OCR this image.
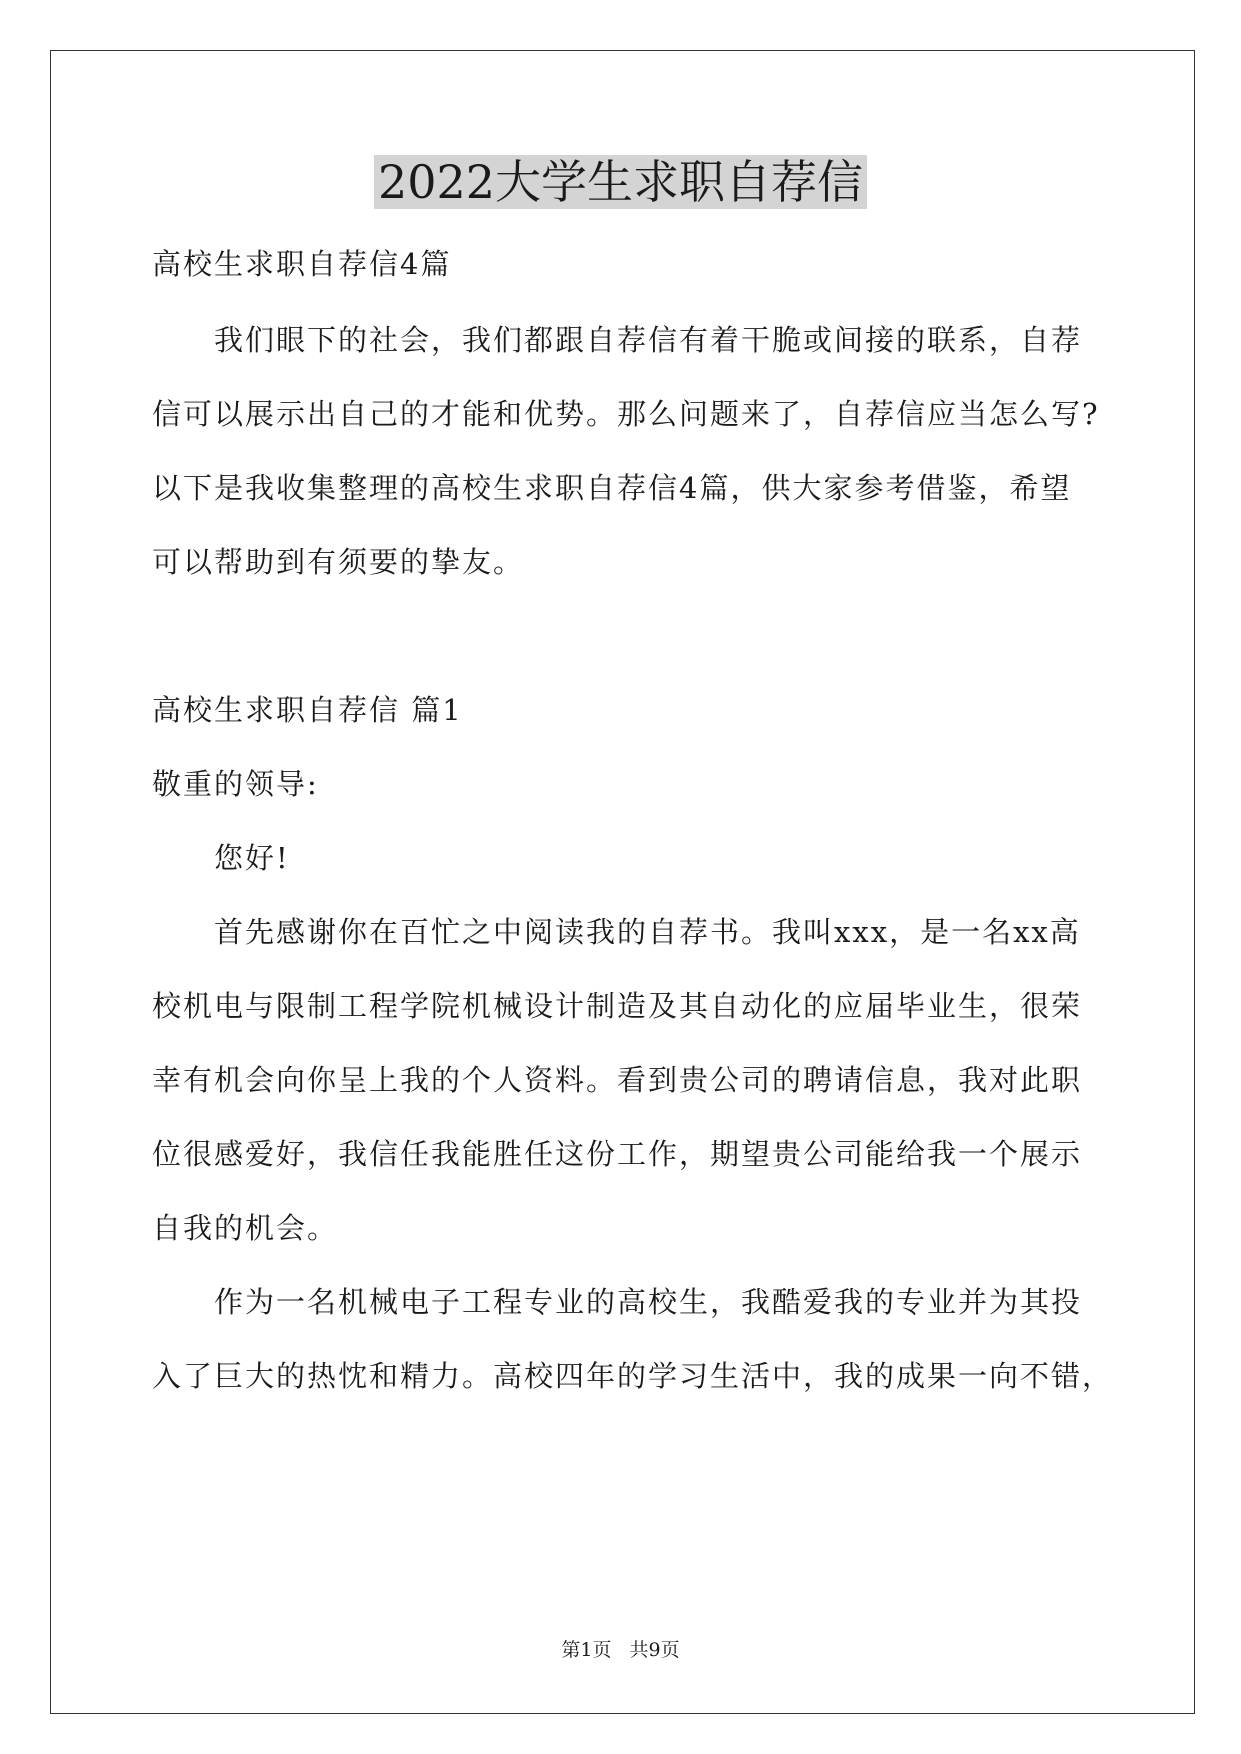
2022大学生求职自荐信
高校生求职自荐信4篇
我们眼下的社会，我们都跟自荐信有着干脆或间接的联系，自荐
信可以展示出自己的才能和优势。那么问题来了，自荐信应当怎么写?
以下是我收集整理的高校生求职自荐信4篇，供大家参考借鉴，希望
可以帮助到有须要的挚友。
高校生求职自荐信 篇1
敬重的领导:
您好!
首先感谢你在百忙之中阅读我的自荐书。我叫xxx，是一名xx高
校机电与限制工程学院机械设计制造及其自动化的应届毕业生，很荣
幸有机会向你呈上我的个人资料。看到贵公司的聘请信息，我对此职
位很感爱好，我信任我能胜任这份工作，期望贵公司能给我一个展示
自我的机会。
作为一名机械电子工程专业的高校生，我酷爱我的专业并为其投
入了巨大的热忱和精力。高校四年的学习生活中，我的成果一向不错，
第1页 共9页
